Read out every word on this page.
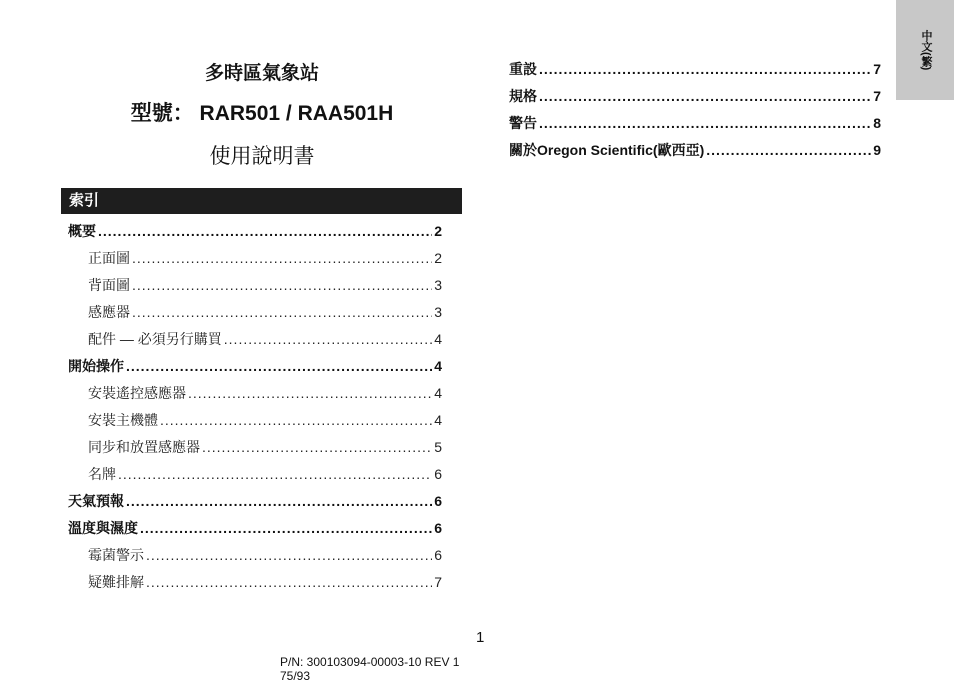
多時區氣象站
型號： RAR501 / RAA501H
使用說明書
索引
概要 .....	2
正面圖 .....	2
背面圖 .....	3
感應器 .....	3
配件 — 必須另行購買 .....	4
開始操作 .....	4
安裝遙控感應器 .....	4
安裝主機體 .....	4
同步和放置感應器 .....	5
名牌 .....	6
天氣預報 .....	6
溫度與濕度 .....	6
霉菌警示 .....	6
疑難排解 .....	7
重設 .....	7
規格 .....	7
警告 .....	8
關於Oregon Scientific(歐西亞) .....	9
中文(繁)
1
P/N: 300103094-00003-10 REV 1
75/93
